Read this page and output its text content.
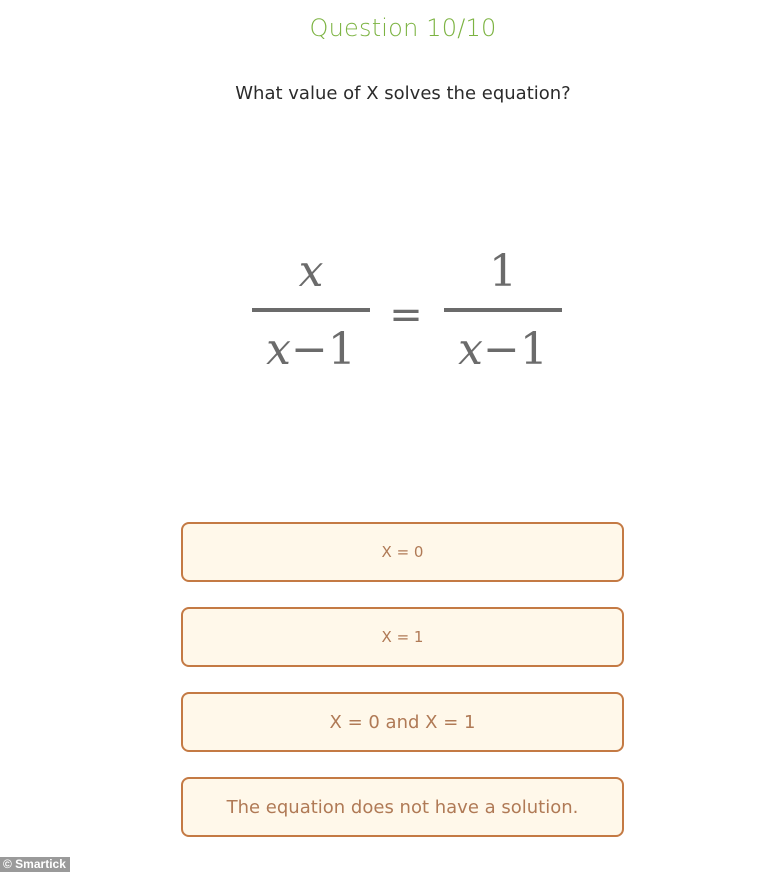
Question 10/10
What value of X solves the equation?
x
x−1
=
1
x−1
X = 0
X = 1
X = 0 and X = 1
The equation does not have a solution.
© Smartick
